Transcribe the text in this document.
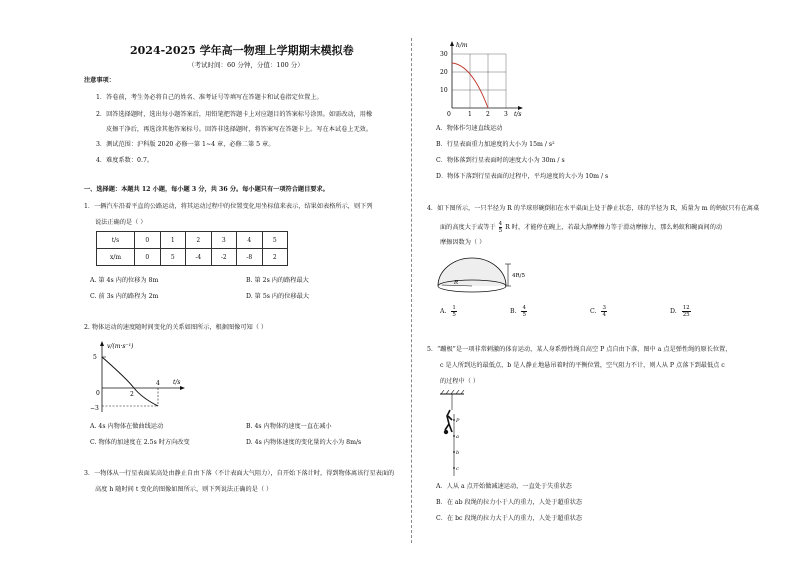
2024-2025 学年高一物理上学期期末模拟卷
（考试时间：60 分钟，分值：100 分）
注意事项：
1．答卷前，考生务必将自己的姓名、准考证号等填写在答题卡和试卷指定位置上。
2．回答选择题时，选出每小题答案后，用铅笔把答题卡上对应题目的答案标号涂黑。如需改动，用橡
皮擦干净后，再选涂其他答案标号。回答非选择题时，将答案写在答题卡上。写在本试卷上无效。
3．测试范围：沪科版 2020 必修一第 1~4 章，必修二第 5 章。
4．难度系数：0.7。
一、选择题：本题共 12 小题，每小题 3 分，共 36 分。每小题只有一项符合题目要求。
1．一辆汽车沿着平直的公路运动，将其运动过程中的位置变化用坐标值来表示，结果如表格所示，则下列
说法正确的是（ ）
t/s	0	1	2	3	4	5
x/m	0	5	-4	-2	-8	2
A. 第 4s 内的位移为 8m	B. 第 2s 内的路程最大
C. 前 3s 内的路程为 2m	D. 第 5s 内的位移最大
2. 物体运动的速度随时间变化的关系如图所示，根据图像可知（ ）
v/(m·s⁻¹)
t/s
5
−3
0	2
4
A. 4s 内物体在做曲线运动	B. 4s 内物体的速度一直在减小
C. 物体的加速度在 2.5s 时方向改变	D. 4s 内物体速度的变化量的大小为 8m/s
3．一物体从一行星表面某高处由静止自由下落（不计表面大气阻力），自开始下落计时，得到物体离该行星表面的
高度 h 随时间 t 变化的图像如图所示，则下列说法正确的是（ ）
h/m
t/s
30
20
10
0	1 2 3
A．物体作匀速直线运动
B．行星表面重力加速度的大小为 15m / s²
C．物体落到行星表面时的速度大小为 30m / s
D．物体下落到行星表面的过程中，平均速度的大小为 10m / s
4．如下图所示，一只半径为 R 的半球形碗倒扣在水平桌面上处于静止状态，球的半径为 R，质量为 m 的蚂蚁只有在离桌
面的高度大于或等于 $\frac{4}{5}$ R 时，才能停在碗上，若最大静摩擦力等于滑动摩擦力，那么蚂蚁和碗面间的动
摩擦因数为（ ）
R
4R/5
A. $\frac{1}{5}$	B. $\frac{4}{5}$	C. $\frac{3}{4}$	D. $\frac{12}{25}$
5．“蹦极”是一项非常刺激的体育运动，某人身系弹性绳自高空 P 点自由下落，图中 a 点是弹性绳的原长位置，
c 是人所到达的最低点，b 是人静止地悬吊着时的平衡位置，空气阻力不计，则人从 P 点落下到最低点 c
的过程中（ ）
P
a
b
c
A．人从 a 点开始做减速运动，一直处于失重状态
B．在 ab 段绳的拉力小于人的重力，人处于超重状态
C．在 bc 段绳的拉力大于人的重力，人处于超重状态
